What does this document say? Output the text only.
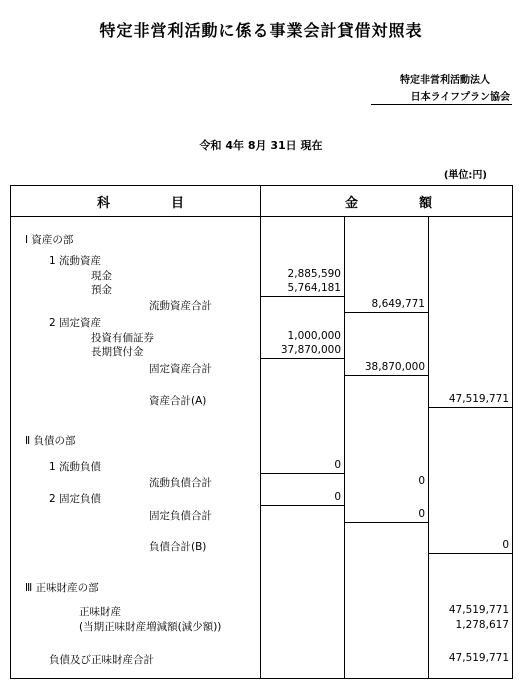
特定非営利活動に係る事業会計貸借対照表
特定非営利活動法人
日本ライフプラン協会
令和 4年 8月 31日 現在
(単位:円)
科	目	金	額
Ⅰ 資産の部
1 流動資産
現金	2,885,590
預金	5,764,181
流動資産合計	8,649,771
2 固定資産
投資有価証券	1,000,000
長期貸付金	37,870,000
固定資産合計	38,870,000
資産合計(A)	47,519,771
Ⅱ 負債の部
1 流動負債	0
流動負債合計	0
2 固定負債	0
固定負債合計	0
負債合計(B)	0
Ⅲ 正味財産の部
正味財産	47,519,771
(当期正味財産増減額(減少額))	1,278,617
負債及び正味財産合計	47,519,771
